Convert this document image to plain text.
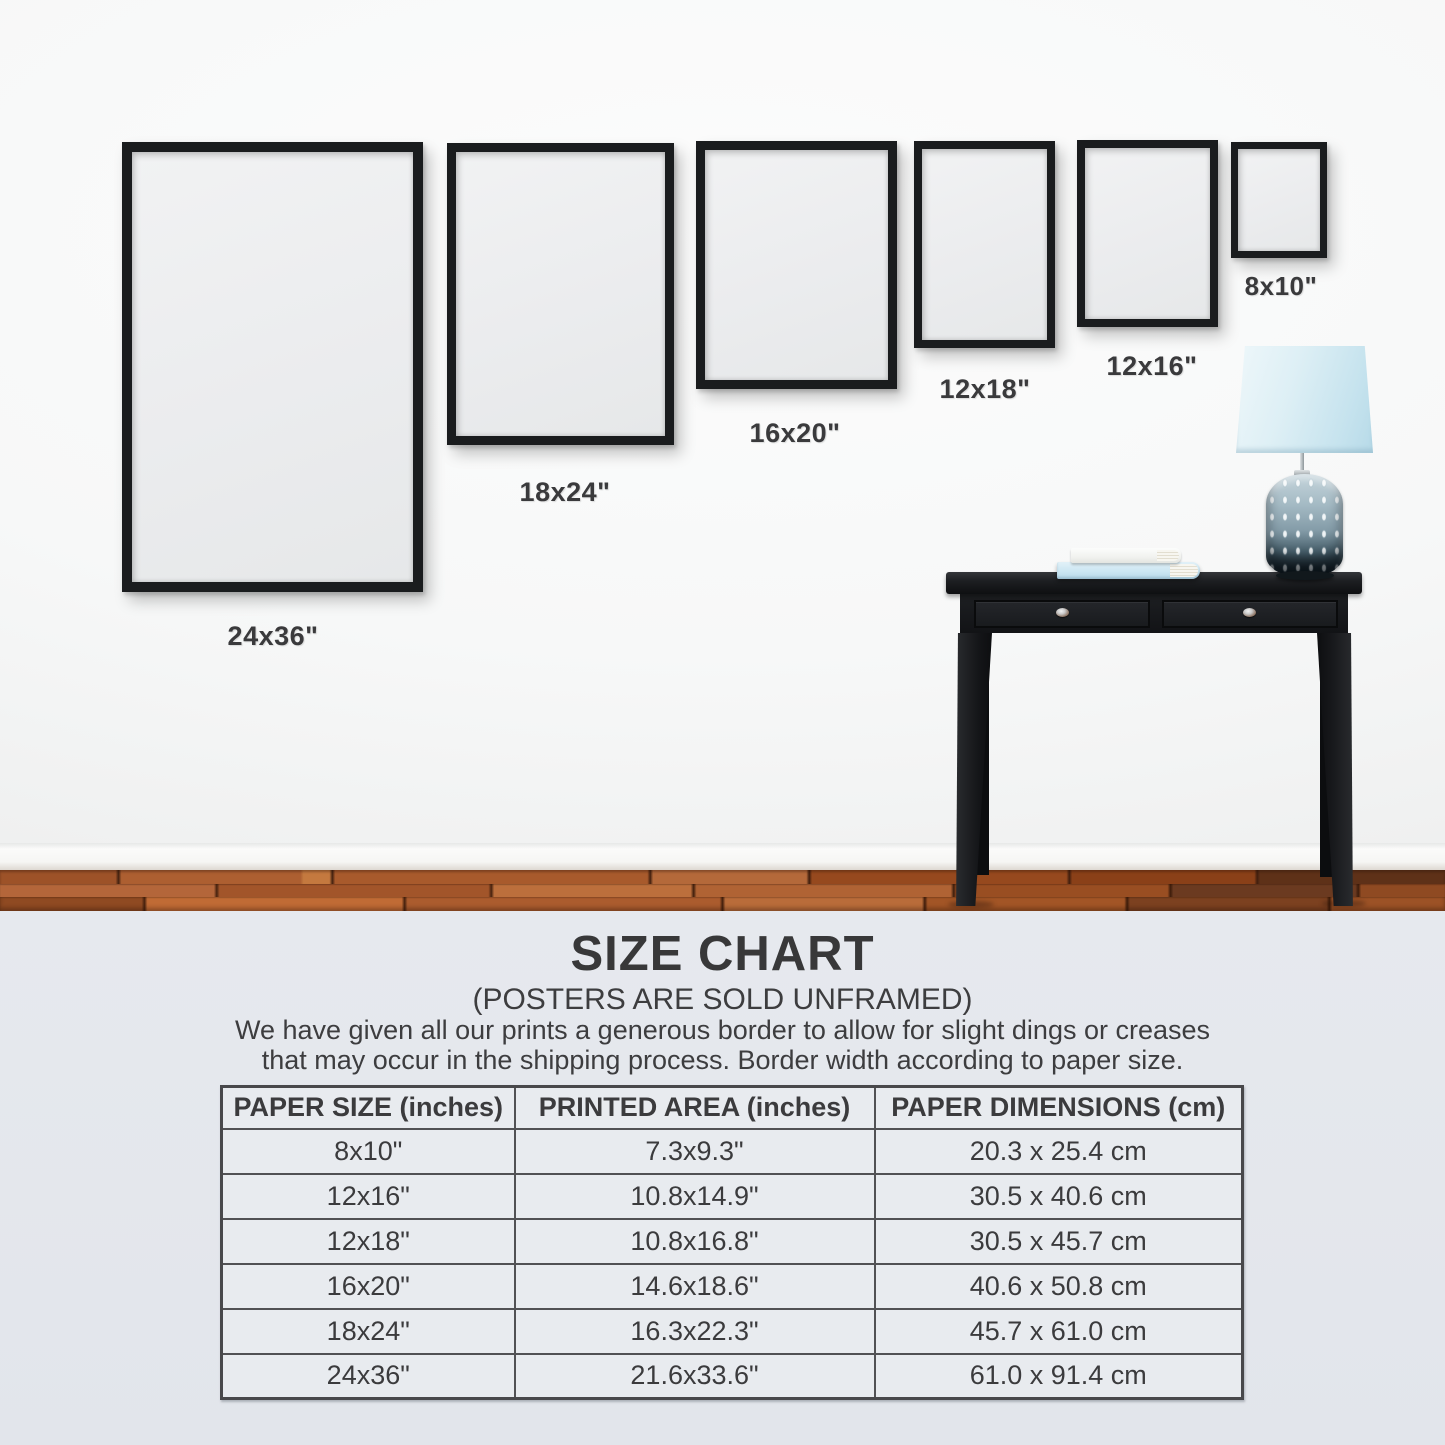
24x36"
18x24"
16x20"
12x18"
12x16"
8x10"
SIZE CHART
(POSTERS ARE SOLD UNFRAMED)
We have given all our prints a generous border to allow for slight dings or creases
that may occur in the shipping process. Border width according to paper size.
PAPER SIZE (inches)	PRINTED AREA (inches)	PAPER DIMENSIONS (cm)
8x10"	7.3x9.3"	20.3 x 25.4 cm
12x16"	10.8x14.9"	30.5 x 40.6 cm
12x18"	10.8x16.8"	30.5 x 45.7 cm
16x20"	14.6x18.6"	40.6 x 50.8 cm
18x24"	16.3x22.3"	45.7 x 61.0 cm
24x36"	21.6x33.6"	61.0 x 91.4 cm
